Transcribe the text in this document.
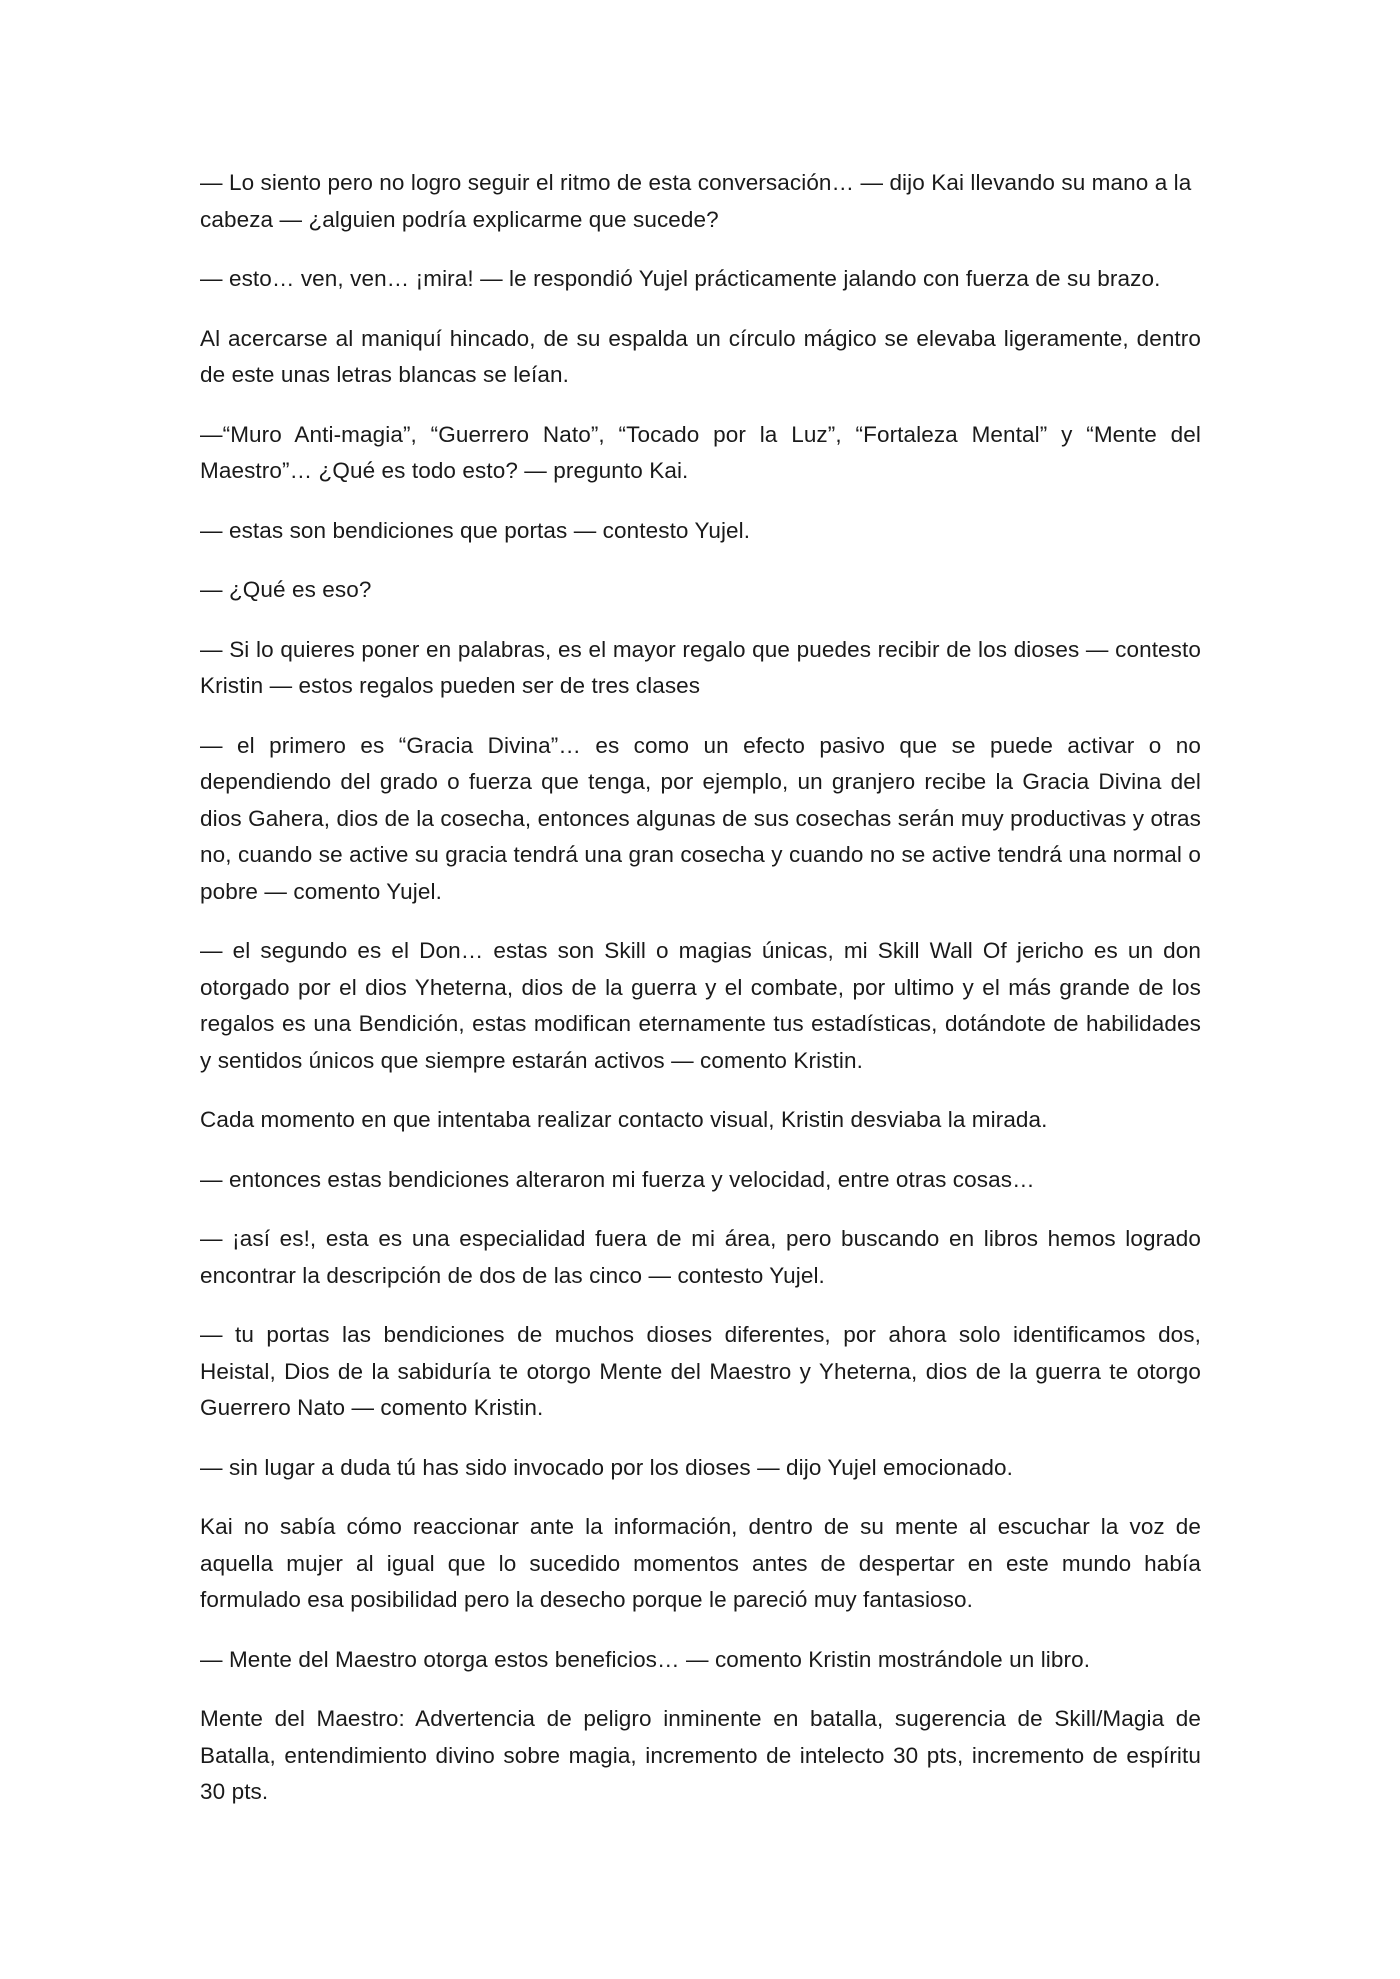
— Lo siento pero no logro seguir el ritmo de esta conversación… — dijo Kai llevando su mano a la cabeza — ¿alguien podría explicarme que sucede?

— esto… ven, ven… ¡mira! — le respondió Yujel prácticamente jalando con fuerza de su brazo.

Al acercarse al maniquí hincado, de su espalda un círculo mágico se elevaba ligeramente, dentro de este unas letras blancas se leían.

—“Muro Anti-magia”, “Guerrero Nato”, “Tocado por la Luz”, “Fortaleza Mental” y “Mente del Maestro”… ¿Qué es todo esto? — pregunto Kai.

— estas son bendiciones que portas — contesto Yujel.

— ¿Qué es eso?

— Si lo quieres poner en palabras, es el mayor regalo que puedes recibir de los dioses — contesto Kristin — estos regalos pueden ser de tres clases

— el primero es “Gracia Divina”… es como un efecto pasivo que se puede activar o no dependiendo del grado o fuerza que tenga, por ejemplo, un granjero recibe la Gracia Divina del dios Gahera, dios de la cosecha, entonces algunas de sus cosechas serán muy productivas y otras no, cuando se active su gracia tendrá una gran cosecha y cuando no se active tendrá una normal o pobre — comento Yujel.

— el segundo es el Don… estas son Skill o magias únicas, mi Skill Wall Of jericho es un don otorgado por el dios Yheterna, dios de la guerra y el combate, por ultimo y el más grande de los regalos es una Bendición, estas modifican eternamente tus estadísticas, dotándote de habilidades y sentidos únicos que siempre estarán activos — comento Kristin.

Cada momento en que intentaba realizar contacto visual, Kristin desviaba la mirada.

— entonces estas bendiciones alteraron mi fuerza y velocidad, entre otras cosas…

— ¡así es!, esta es una especialidad fuera de mi área, pero buscando en libros hemos logrado encontrar la descripción de dos de las cinco — contesto Yujel.

— tu portas las bendiciones de muchos dioses diferentes, por ahora solo identificamos dos, Heistal, Dios de la sabiduría te otorgo Mente del Maestro y Yheterna, dios de la guerra te otorgo Guerrero Nato — comento Kristin.

— sin lugar a duda tú has sido invocado por los dioses — dijo Yujel emocionado.

Kai no sabía cómo reaccionar ante la información, dentro de su mente al escuchar la voz de aquella mujer al igual que lo sucedido momentos antes de despertar en este mundo había formulado esa posibilidad pero la desecho porque le pareció muy fantasioso.

— Mente del Maestro otorga estos beneficios… — comento Kristin mostrándole un libro.

Mente del Maestro: Advertencia de peligro inminente en batalla, sugerencia de Skill/Magia de Batalla, entendimiento divino sobre magia, incremento de intelecto 30 pts, incremento de espíritu 30 pts.
